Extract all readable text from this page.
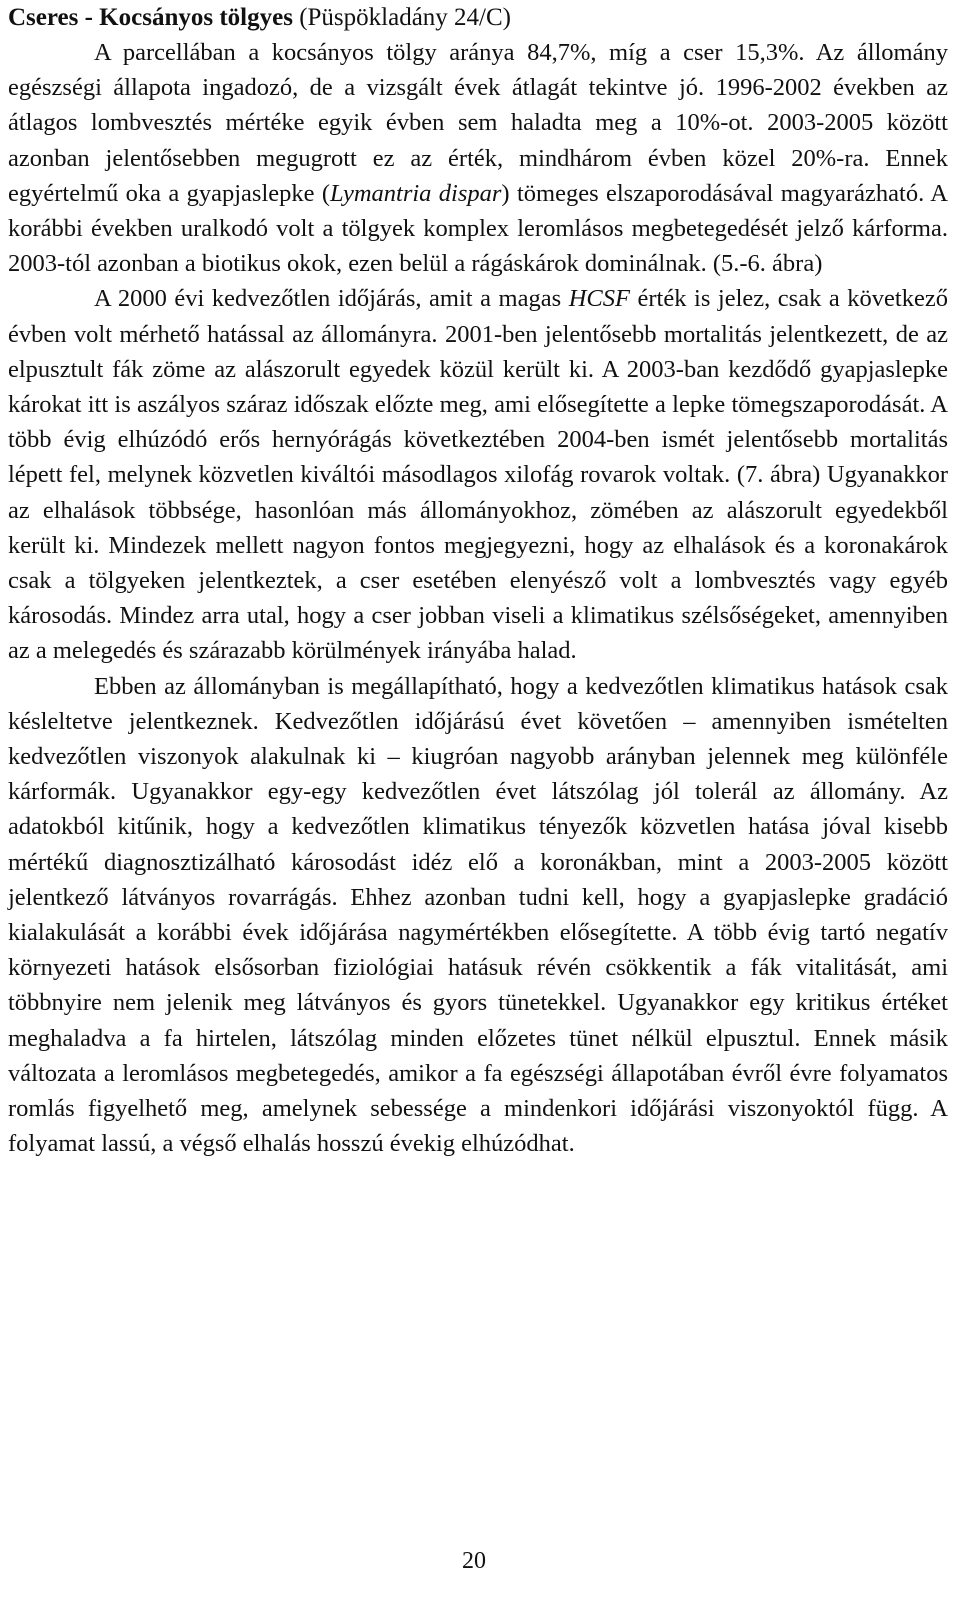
Cseres - Kocsányos tölgyes (Püspökladány 24/C)

A parcellában a kocsányos tölgy aránya 84,7%, míg a cser 15,3%. Az állomány egészségi állapota ingadozó, de a vizsgált évek átlagát tekintve jó. 1996-2002 években az átlagos lombvesztés mértéke egyik évben sem haladta meg a 10%-ot. 2003-2005 között azonban jelentősebben megugrott ez az érték, mindhárom évben közel 20%-ra. Ennek egyértelmű oka a gyapjaslepke (Lymantria dispar) tömeges elszaporodásával magyarázható. A korábbi években uralkodó volt a tölgyek komplex leromlásos megbetegedését jelző kárforma. 2003-tól azonban a biotikus okok, ezen belül a rágáskárok dominálnak. (5.-6. ábra)

A 2000 évi kedvezőtlen időjárás, amit a magas HCSF érték is jelez, csak a következő évben volt mérhető hatással az állományra. 2001-ben jelentősebb mortalitás jelentkezett, de az elpusztult fák zöme az alászorult egyedek közül került ki. A 2003-ban kezdődő gyapjaslepke károkat itt is aszályos száraz időszak előzte meg, ami elősegítette a lepke tömegszaporodását. A több évig elhúzódó erős hernyórágás következtében 2004-ben ismét jelentősebb mortalitás lépett fel, melynek közvetlen kiváltói másodlagos xilofág rovarok voltak. (7. ábra) Ugyanakkor az elhalások többsége, hasonlóan más állományokhoz, zömében az alászorult egyedekből került ki. Mindezek mellett nagyon fontos megjegyezni, hogy az elhalások és a koronakárok csak a tölgyeken jelentkeztek, a cser esetében elenyésző volt a lombvesztés vagy egyéb károsodás. Mindez arra utal, hogy a cser jobban viseli a klimatikus szélsőségeket, amennyiben az a melegedés és szárazabb körülmények irányába halad.

Ebben az állományban is megállapítható, hogy a kedvezőtlen klimatikus hatások csak késleltetve jelentkeznek. Kedvezőtlen időjárású évet követően – amennyiben ismételten kedvezőtlen viszonyok alakulnak ki – kiugróan nagyobb arányban jelennek meg különféle kárformák. Ugyanakkor egy-egy kedvezőtlen évet látszólag jól tolerál az állomány. Az adatokból kitűnik, hogy a kedvezőtlen klimatikus tényezők közvetlen hatása jóval kisebb mértékű diagnosztizálható károsodást idéz elő a koronákban, mint a 2003-2005 között jelentkező látványos rovarrágás. Ehhez azonban tudni kell, hogy a gyapjaslepke gradáció kialakulását a korábbi évek időjárása nagymértékben elősegítette. A több évig tartó negatív környezeti hatások elsősorban fiziológiai hatásuk révén csökkentik a fák vitalitását, ami többnyire nem jelenik meg látványos és gyors tünetekkel. Ugyanakkor egy kritikus értéket meghaladva a fa hirtelen, látszólag minden előzetes tünet nélkül elpusztul. Ennek másik változata a leromlásos megbetegedés, amikor a fa egészségi állapotában évről évre folyamatos romlás figyelhető meg, amelynek sebessége a mindenkori időjárási viszonyoktól függ. A folyamat lassú, a végső elhalás hosszú évekig elhúzódhat.

20
